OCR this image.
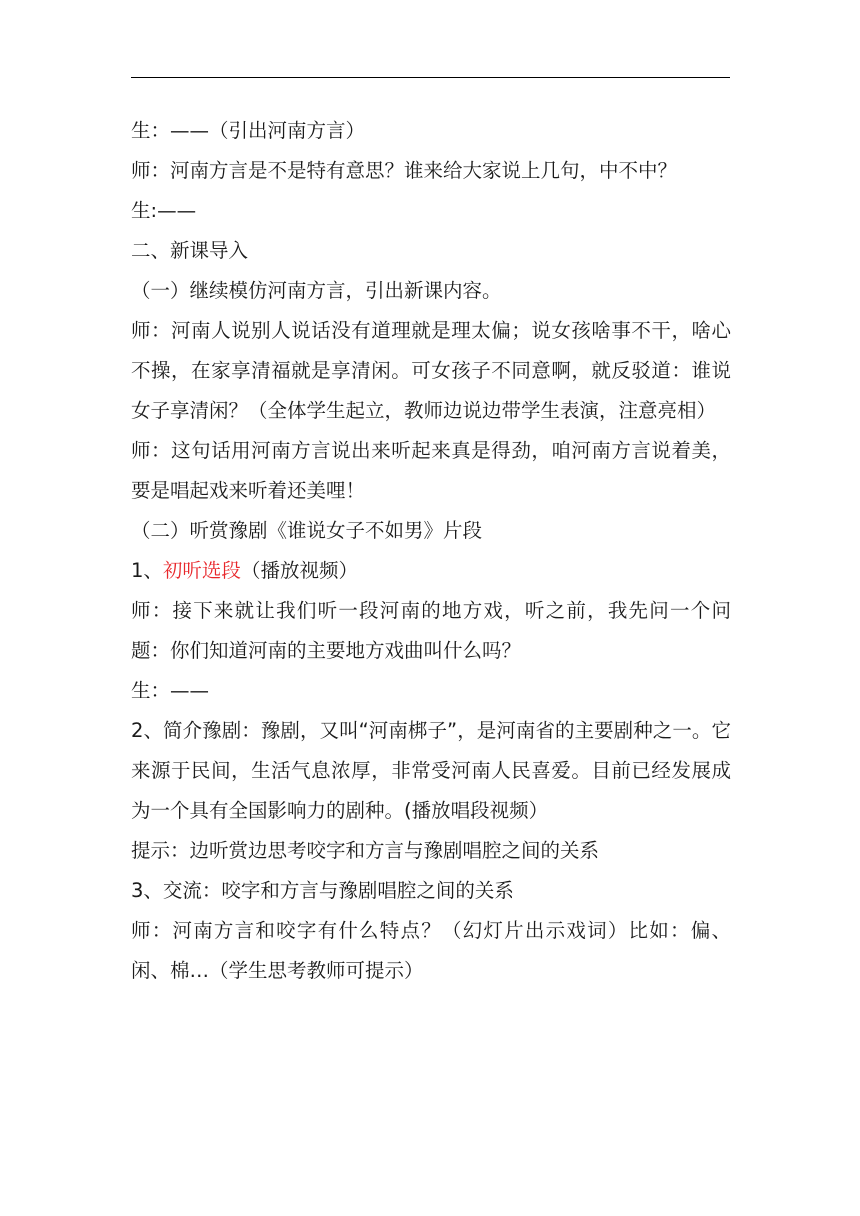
生：——（引出河南方言）

师：河南方言是不是特有意思？谁来给大家说上几句，中不中？

生:——

二、新课导入

（一）继续模仿河南方言，引出新课内容。

师：河南人说别人说话没有道理就是理太偏；说女孩啥事不干，啥心不操，在家享清福就是享清闲。可女孩子不同意啊，就反驳道：谁说女子享清闲？（全体学生起立，教师边说边带学生表演，注意亮相）

师：这句话用河南方言说出来听起来真是得劲，咱河南方言说着美，要是唱起戏来听着还美哩！

（二）听赏豫剧《谁说女子不如男》片段

1、初听选段（播放视频）

师：接下来就让我们听一段河南的地方戏，听之前，我先问一个问题：你们知道河南的主要地方戏曲叫什么吗？

生：——

2、简介豫剧：豫剧，又叫“河南梆子”，是河南省的主要剧种之一。它来源于民间，生活气息浓厚，非常受河南人民喜爱。目前已经发展成为一个具有全国影响力的剧种。(播放唱段视频）

提示：边听赏边思考咬字和方言与豫剧唱腔之间的关系

3、交流：咬字和方言与豫剧唱腔之间的关系

师：河南方言和咬字有什么特点？（幻灯片出示戏词）比如：偏、闲、棉…（学生思考教师可提示）
